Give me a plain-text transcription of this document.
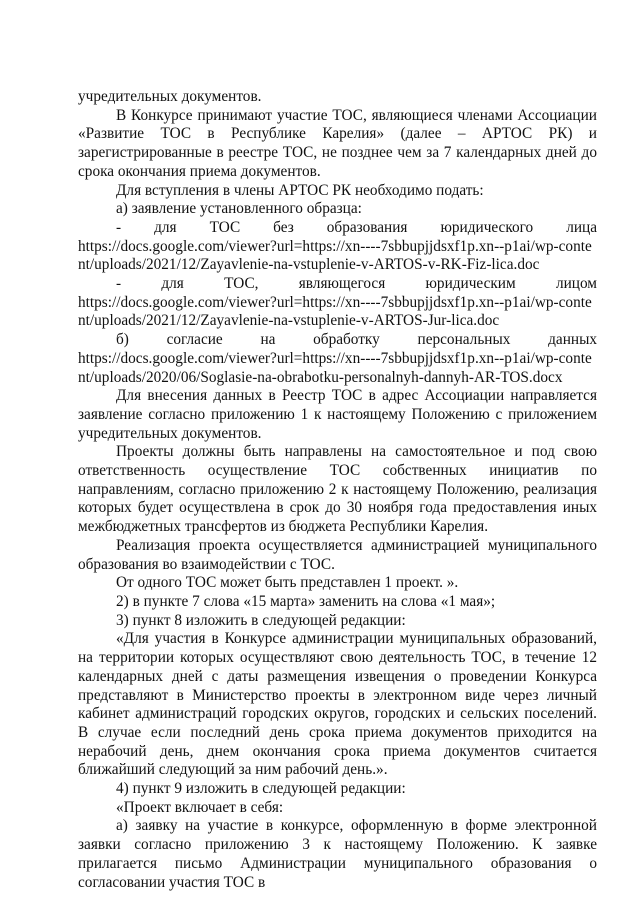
учредительных документов.

В Конкурсе принимают участие ТОС, являющиеся членами Ассоциации «Развитие ТОС в Республике Карелия» (далее – АРТОС РК) и зарегистрированные в реестре ТОС, не позднее чем за 7 календарных дней до срока окончания приема документов.

Для вступления в члены АРТОС РК необходимо подать:

а) заявление установленного образца:

- для ТОС без образования юридического лица
https://docs.google.com/viewer?url=https://xn----7sbbupjjdsxf1p.xn--p1ai/wp-content/uploads/2021/12/Zayavlenie-na-vstuplenie-v-ARTOS-v-RK-Fiz-lica.doc
- для ТОС, являющегося юридическим лицом
https://docs.google.com/viewer?url=https://xn----7sbbupjjdsxf1p.xn--p1ai/wp-content/uploads/2021/12/Zayavlenie-na-vstuplenie-v-ARTOS-Jur-lica.doc
б) согласие на обработку персональных данных
https://docs.google.com/viewer?url=https://xn----7sbbupjjdsxf1p.xn--p1ai/wp-content/uploads/2020/06/Soglasie-na-obrabotku-personalnyh-dannyh-AR-TOS.docx

Для внесения данных в Реестр ТОС в адрес Ассоциации направляется заявление согласно приложению 1 к настоящему Положению с приложением учредительных документов.

Проекты должны быть направлены на самостоятельное и под свою ответственность осуществление ТОС собственных инициатив по направлениям, согласно приложению 2 к настоящему Положению, реализация которых будет осуществлена в срок до 30 ноября года предоставления иных межбюджетных трансфертов из бюджета Республики Карелия.

Реализация проекта осуществляется администрацией муниципального образования во взаимодействии с ТОС.

От одного ТОС может быть представлен 1 проект. ».

2) в пункте 7 слова «15 марта» заменить на слова «1 мая»;

3) пункт 8 изложить в следующей редакции:

«Для участия в Конкурсе администрации муниципальных образований, на территории которых осуществляют свою деятельность ТОС, в течение 12 календарных дней с даты размещения извещения о проведении Конкурса представляют в Министерство проекты в электронном виде через личный кабинет администраций городских округов, городских и сельских поселений. В случае если последний день срока приема документов приходится на нерабочий день, днем окончания срока приема документов считается ближайший следующий за ним рабочий день.».

4) пункт 9 изложить в следующей редакции:

«Проект включает в себя:

а) заявку на участие в конкурсе, оформленную в форме электронной заявки согласно приложению 3 к настоящему Положению. К заявке прилагается письмо Администрации муниципального образования о согласовании участия ТОС в
